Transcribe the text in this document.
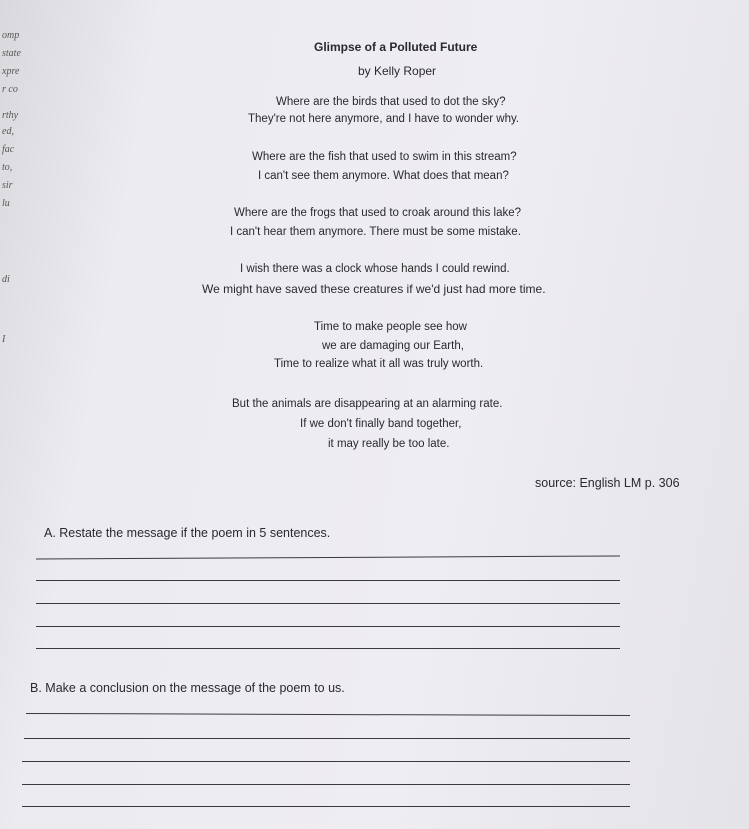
omp
state
xpre
r co
rthy
ed,
fac
to,
sir
lu
di
I
Glimpse of a Polluted Future
by Kelly Roper
Where are the birds that used to dot the sky?
They're not here anymore, and I have to wonder why.
Where are the fish that used to swim in this stream?
I can't see them anymore. What does that mean?
Where are the frogs that used to croak around this lake?
I can't hear them anymore. There must be some mistake.
I wish there was a clock whose hands I could rewind.
We might have saved these creatures if we'd just had more time.
Time to make people see how
we are damaging our Earth,
Time to realize what it all was truly worth.
But the animals are disappearing at an alarming rate.
If we don't finally band together,
it may really be too late.
source: English LM p. 306
A. Restate the message if the poem in 5 sentences.
B. Make a conclusion on the message of the poem to us.
